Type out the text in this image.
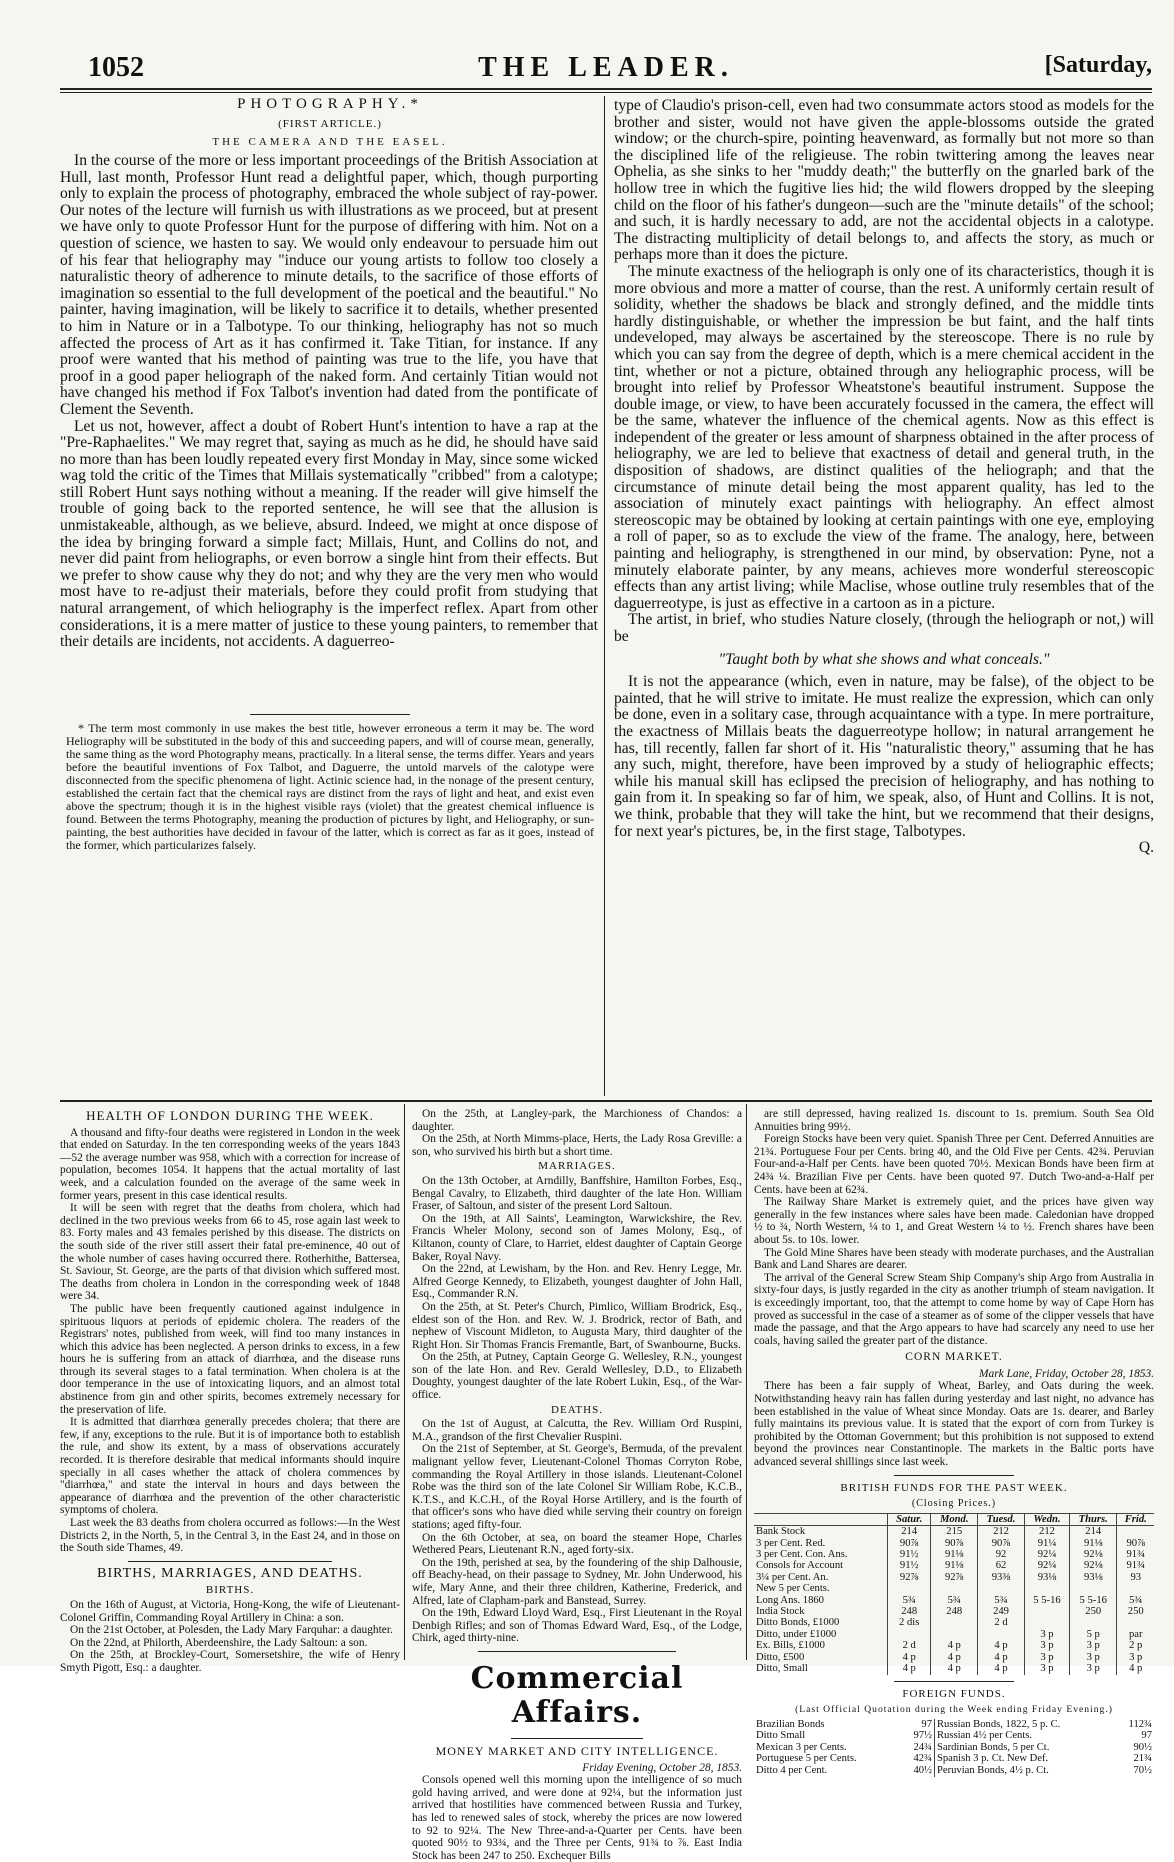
1052	THE LEADER.	[Saturday,
PHOTOGRAPHY.*
(FIRST ARTICLE.)
THE CAMERA AND THE EASEL.

In the course of the more or less important proceedings of the British Association at Hull, last month, Professor Hunt read a delightful paper, which, though purporting only to explain the process of photography, embraced the whole subject of ray-power. Our notes of the lecture will furnish us with illustrations as we proceed, but at present we have only to quote Professor Hunt for the purpose of differing with him. Not on a question of science, we hasten to say. We would only endeavour to persuade him out of his fear that heliography may "induce our young artists to follow too closely a naturalistic theory of adherence to minute details, to the sacrifice of those efforts of imagination so essential to the full development of the poetical and the beautiful." No painter, having imagination, will be likely to sacrifice it to details, whether presented to him in Nature or in a Talbotype. To our thinking, heliography has not so much affected the process of Art as it has confirmed it. Take Titian, for instance. If any proof were wanted that his method of painting was true to the life, you have that proof in a good paper heliograph of the naked form. And certainly Titian would not have changed his method if Fox Talbot's invention had dated from the pontificate of Clement the Seventh.

Let us not, however, affect a doubt of Robert Hunt's intention to have a rap at the "Pre-Raphaelites." We may regret that, saying as much as he did, he should have said no more than has been loudly repeated every first Monday in May, since some wicked wag told the critic of the Times that Millais systematically "cribbed" from a calotype; still Robert Hunt says nothing without a meaning. If the reader will give himself the trouble of going back to the reported sentence, he will see that the allusion is unmistakeable, although, as we believe, absurd. Indeed, we might at once dispose of the idea by bringing forward a simple fact; Millais, Hunt, and Collins do not, and never did paint from heliographs, or even borrow a single hint from their effects. But we prefer to show cause why they do not; and why they are the very men who would most have to re-adjust their materials, before they could profit from studying that natural arrangement, of which heliography is the imperfect reflex. Apart from other considerations, it is a mere matter of justice to these young painters, to remember that their details are incidents, not accidents. A daguerreo-

* The term most commonly in use makes the best title, however erroneous a term it may be. The word Heliography will be substituted in the body of this and succeeding papers, and will of course mean, generally, the same thing as the word Photography means, practically. In a literal sense, the terms differ. Years and years before the beautiful inventions of Fox Talbot, and Daguerre, the untold marvels of the calotype were disconnected from the specific phenomena of light. Actinic science had, in the nonage of the present century, established the certain fact that the chemical rays are distinct from the rays of light and heat, and exist even above the spectrum; though it is in the highest visible rays (violet) that the greatest chemical influence is found. Between the terms Photography, meaning the production of pictures by light, and Heliography, or sun-painting, the best authorities have decided in favour of the latter, which is correct as far as it goes, instead of the former, which particularizes falsely.

type of Claudio's prison-cell, even had two consummate actors stood as models for the brother and sister, would not have given the apple-blossoms outside the grated window; or the church-spire, pointing heavenward, as formally but not more so than the disciplined life of the religieuse. The robin twittering among the leaves near Ophelia, as she sinks to her "muddy death;" the butterfly on the gnarled bark of the hollow tree in which the fugitive lies hid; the wild flowers dropped by the sleeping child on the floor of his father's dungeon—such are the "minute details" of the school; and such, it is hardly necessary to add, are not the accidental objects in a calotype. The distracting multiplicity of detail belongs to, and affects the story, as much or perhaps more than it does the picture.

The minute exactness of the heliograph is only one of its characteristics, though it is more obvious and more a matter of course, than the rest. A uniformly certain result of solidity, whether the shadows be black and strongly defined, and the middle tints hardly distinguishable, or whether the impression be but faint, and the half tints undeveloped, may always be ascertained by the stereoscope. There is no rule by which you can say from the degree of depth, which is a mere chemical accident in the tint, whether or not a picture, obtained through any heliographic process, will be brought into relief by Professor Wheatstone's beautiful instrument. Suppose the double image, or view, to have been accurately focussed in the camera, the effect will be the same, whatever the influence of the chemical agents. Now as this effect is independent of the greater or less amount of sharpness obtained in the after process of heliography, we are led to believe that exactness of detail and general truth, in the disposition of shadows, are distinct qualities of the heliograph; and that the circumstance of minute detail being the most apparent quality, has led to the association of minutely exact paintings with heliography. An effect almost stereoscopic may be obtained by looking at certain paintings with one eye, employing a roll of paper, so as to exclude the view of the frame. The analogy, here, between painting and heliography, is strengthened in our mind, by observation: Pyne, not a minutely elaborate painter, by any means, achieves more wonderful stereoscopic effects than any artist living; while Maclise, whose outline truly resembles that of the daguerreotype, is just as effective in a cartoon as in a picture.

The artist, in brief, who studies Nature closely, (through the heliograph or not,) will be

"Taught both by what she shows and what conceals."

It is not the appearance (which, even in nature, may be false), of the object to be painted, that he will strive to imitate. He must realize the expression, which can only be done, even in a solitary case, through acquaintance with a type. In mere portraiture, the exactness of Millais beats the daguerreotype hollow; in natural arrangement he has, till recently, fallen far short of it. His "naturalistic theory," assuming that he has any such, might, therefore, have been improved by a study of heliographic effects; while his manual skill has eclipsed the precision of heliography, and has nothing to gain from it. In speaking so far of him, we speak, also, of Hunt and Collins. It is not, we think, probable that they will take the hint, but we recommend that their designs, for next year's pictures, be, in the first stage, Talbotypes.

Q.

HEALTH OF LONDON DURING THE WEEK.

A thousand and fifty-four deaths were registered in London in the week that ended on Saturday. In the ten corresponding weeks of the years 1843—52 the average number was 958, which with a correction for increase of population, becomes 1054. It happens that the actual mortality of last week, and a calculation founded on the average of the same week in former years, present in this case identical results.

It will be seen with regret that the deaths from cholera, which had declined in the two previous weeks from 66 to 45, rose again last week to 83. Forty males and 43 females perished by this disease. The districts on the south side of the river still assert their fatal pre-eminence, 40 out of the whole number of cases having occurred there. Rotherhithe, Battersea, St. Saviour, St. George, are the parts of that division which suffered most. The deaths from cholera in London in the corresponding week of 1848 were 34.

The public have been frequently cautioned against indulgence in spirituous liquors at periods of epidemic cholera. The readers of the Registrars' notes, published from week, will find too many instances in which this advice has been neglected. A person drinks to excess, in a few hours he is suffering from an attack of diarrhœa, and the disease runs through its several stages to a fatal termination. When cholera is at the door temperance in the use of intoxicating liquors, and an almost total abstinence from gin and other spirits, becomes extremely necessary for the preservation of life.

It is admitted that diarrhœa generally precedes cholera; that there are few, if any, exceptions to the rule. But it is of importance both to establish the rule, and show its extent, by a mass of observations accurately recorded. It is therefore desirable that medical informants should inquire specially in all cases whether the attack of cholera commences by "diarrhœa," and state the interval in hours and days between the appearance of diarrhœa and the prevention of the other characteristic symptoms of cholera.

Last week the 83 deaths from cholera occurred as follows:—In the West Districts 2, in the North, 5, in the Central 3, in the East 24, and in those on the South side Thames, 49.

BIRTHS, MARRIAGES, AND DEATHS.

BIRTHS.

On the 16th of August, at Victoria, Hong-Kong, the wife of Lieutenant-Colonel Griffin, Commanding Royal Artillery in China: a son.

On the 21st October, at Polesden, the Lady Mary Farquhar: a daughter.

On the 22nd, at Philorth, Aberdeenshire, the Lady Saltoun: a son.

On the 25th, at Brockley-Court, Somersetshire, the wife of Henry Smyth Pigott, Esq.: a daughter.

On the 25th, at Langley-park, the Marchioness of Chandos: a daughter.

On the 25th, at North Mimms-place, Herts, the Lady Rosa Greville: a son, who survived his birth but a short time.

MARRIAGES.

On the 13th October, at Arndilly, Banffshire, Hamilton Forbes, Esq., Bengal Cavalry, to Elizabeth, third daughter of the late Hon. William Fraser, of Saltoun, and sister of the present Lord Saltoun.

On the 19th, at All Saints', Leamington, Warwickshire, the Rev. Francis Wheler Molony, second son of James Molony, Esq., of Kiltanon, county of Clare, to Harriet, eldest daughter of Captain George Baker, Royal Navy.

On the 22nd, at Lewisham, by the Hon. and Rev. Henry Legge, Mr. Alfred George Kennedy, to Elizabeth, youngest daughter of John Hall, Esq., Commander R.N.

On the 25th, at St. Peter's Church, Pimlico, William Brodrick, Esq., eldest son of the Hon. and Rev. W. J. Brodrick, rector of Bath, and nephew of Viscount Midleton, to Augusta Mary, third daughter of the Right Hon. Sir Thomas Francis Fremantle, Bart, of Swanbourne, Bucks.

On the 25th, at Putney, Captain George G. Wellesley, R.N., youngest son of the late Hon. and Rev. Gerald Wellesley, D.D., to Elizabeth Doughty, youngest daughter of the late Robert Lukin, Esq., of the War-office.

DEATHS.

On the 1st of August, at Calcutta, the Rev. William Ord Ruspini, M.A., grandson of the first Chevalier Ruspini.

On the 21st of September, at St. George's, Bermuda, of the prevalent malignant yellow fever, Lieutenant-Colonel Thomas Corryton Robe, commanding the Royal Artillery in those islands. Lieutenant-Colonel Robe was the third son of the late Colonel Sir William Robe, K.C.B., K.T.S., and K.C.H., of the Royal Horse Artillery, and is the fourth of that officer's sons who have died while serving their country on foreign stations; aged fifty-four.

On the 6th October, at sea, on board the steamer Hope, Charles Wethered Pears, Lieutenant R.N., aged forty-six.

On the 19th, perished at sea, by the foundering of the ship Dalhousie, off Beachy-head, on their passage to Sydney, Mr. John Underwood, his wife, Mary Anne, and their three children, Katherine, Frederick, and Alfred, late of Clapham-park and Banstead, Surrey.

On the 19th, Edward Lloyd Ward, Esq., First Lieutenant in the Royal Denbigh Rifles; and son of Thomas Edward Ward, Esq., of the Lodge, Chirk, aged thirty-nine.

Commercial Affairs.

MONEY MARKET AND CITY INTELLIGENCE.

Friday Evening, October 28, 1853.

Consols opened well this morning upon the intelligence of so much gold having arrived, and were done at 92¼, but the information just arrived that hostilities have commenced between Russia and Turkey, has led to renewed sales of stock, whereby the prices are now lowered to 92 to 92¼. The New Three-and-a-Quarter per Cents. have been quoted 90½ to 93¾, and the Three per Cents, 91¾ to ⅞. East India Stock has been 247 to 250. Exchequer Bills

are still depressed, having realized 1s. discount to 1s. premium. South Sea Old Annuities bring 99½.

Foreign Stocks have been very quiet. Spanish Three per Cent. Deferred Annuities are 21¾. Portuguese Four per Cents. bring 40, and the Old Five per Cents. 42¾. Peruvian Four-and-a-Half per Cents. have been quoted 70½. Mexican Bonds have been firm at 24¾ ¼. Brazilian Five per Cents. have been quoted 97. Dutch Two-and-a-Half per Cents. have been at 62¾.

The Railway Share Market is extremely quiet, and the prices have given way generally in the few instances where sales have been made. Caledonian have dropped ½ to ¾, North Western, ¼ to 1, and Great Western ¼ to ½. French shares have been about 5s. to 10s. lower.

The Gold Mine Shares have been steady with moderate purchases, and the Australian Bank and Land Shares are dearer.

The arrival of the General Screw Steam Ship Company's ship Argo from Australia in sixty-four days, is justly regarded in the city as another triumph of steam navigation. It is exceedingly important, too, that the attempt to come home by way of Cape Horn has proved as successful in the case of a steamer as of some of the clipper vessels that have made the passage, and that the Argo appears to have had scarcely any need to use her coals, having sailed the greater part of the distance.

CORN MARKET.

Mark Lane, Friday, October 28, 1853.

There has been a fair supply of Wheat, Barley, and Oats during the week. Notwithstanding heavy rain has fallen during yesterday and last night, no advance has been established in the value of Wheat since Monday. Oats are 1s. dearer, and Barley fully maintains its previous value. It is stated that the export of corn from Turkey is prohibited by the Ottoman Government; but this prohibition is not supposed to extend beyond the provinces near Constantinople. The markets in the Baltic ports have advanced several shillings since last week.

BRITISH FUNDS FOR THE PAST WEEK.

(Closing Prices.)

	Satur.	Mond.	Tuesd.	Wedn.	Thurs.	Frid.
Bank Stock	214	215	212	212	214	
3 per Cent. Red.	90⅞	90⅞	90⅞	91¼	91⅛	90⅞
3 per Cent. Con. Ans.	91½	91⅛	92	92¼	92⅛	91¾
Consols for Account	91½	91⅛	62	92¼	92⅛	91¾
3¼ per Cent. An.	92⅞	92⅞	93⅜	93⅛	93⅛	93
New 5 per Cents.						
Long Ans. 1860	5¾	5¾	5¾	5 5-16	5 5-16	5¾
India Stock	248	248	249		250	250
Ditto Bonds, £1000	2 dis		2 d			
Ditto, under £1000				3 p	5 p	par
Ex. Bills, £1000	2 d	4 p	4 p	3 p	3 p	2 p
Ditto, £500	4 p	4 p	4 p	3 p	3 p	3 p
Ditto, Small	4 p	4 p	4 p	3 p	3 p	4 p

FOREIGN FUNDS.

(Last Official Quotation during the Week ending Friday Evening.)

Brazilian Bonds	97	Russian Bonds, 1822, 5 p. C.	112¾
Ditto Small	97½	Russian 4½ per Cents.	97
Mexican 3 per Cents.	24¾	Sardinian Bonds, 5 per Ct.	90½
Portuguese 5 per Cents.	42¾	Spanish 3 p. Ct. New Def.	21¾
Ditto 4 per Cent.	40½	Peruvian Bonds, 4½ p. Ct.	70½
